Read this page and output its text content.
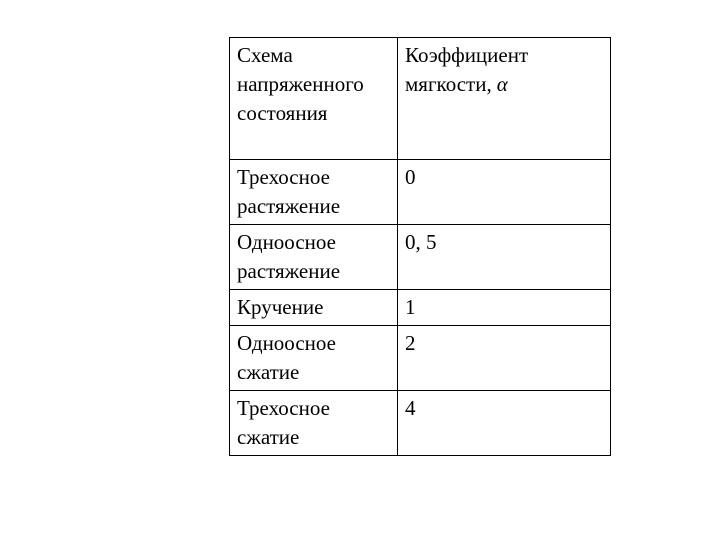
Схема
напряженного
состояния	Коэффициент
мягкости, α

Трехосное
растяжение	0

Одноосное
растяжение	0, 5

Кручение	1

Одноосное
сжатие	2

Трехосное
сжатие	4
